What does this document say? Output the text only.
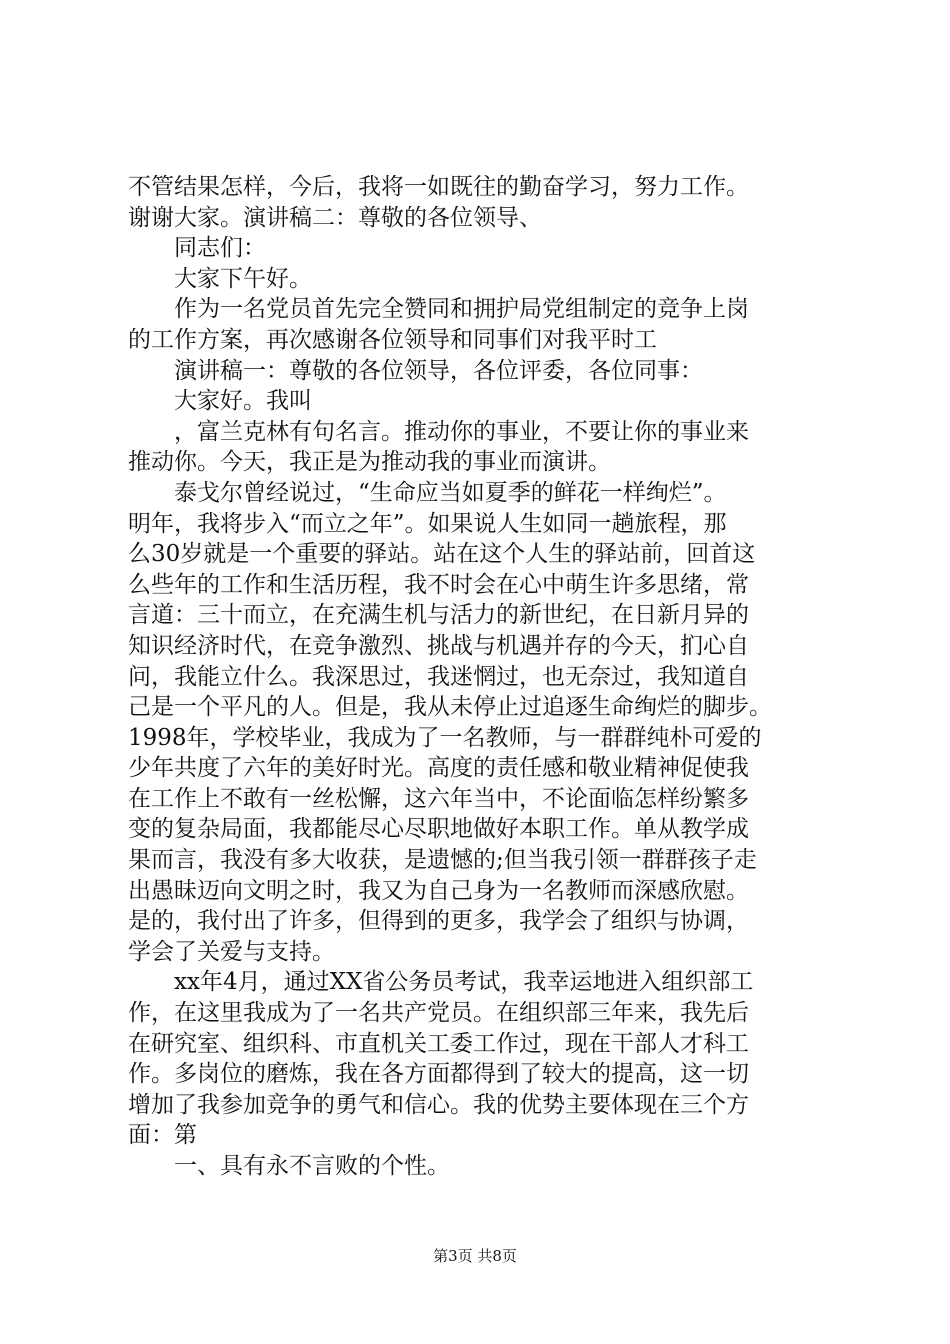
不管结果怎样，今后，我将一如既往的勤奋学习，努力工作。
谢谢大家。演讲稿二：尊敬的各位领导、
同志们：
大家下午好。
作为一名党员首先完全赞同和拥护局党组制定的竞争上岗
的工作方案，再次感谢各位领导和同事们对我平时工
演讲稿一：尊敬的各位领导，各位评委，各位同事：
大家好。我叫
，富兰克林有句名言。推动你的事业，不要让你的事业来
推动你。今天，我正是为推动我的事业而演讲。
泰戈尔曾经说过，“生命应当如夏季的鲜花一样绚烂”。
明年，我将步入“而立之年”。如果说人生如同一趟旅程，那
么30岁就是一个重要的驿站。站在这个人生的驿站前，回首这
么些年的工作和生活历程，我不时会在心中萌生许多思绪，常
言道：三十而立，在充满生机与活力的新世纪，在日新月异的
知识经济时代，在竞争激烈、挑战与机遇并存的今天，扪心自
问，我能立什么。我深思过，我迷惘过，也无奈过，我知道自
己是一个平凡的人。但是，我从未停止过追逐生命绚烂的脚步。
1998年，学校毕业，我成为了一名教师，与一群群纯朴可爱的
少年共度了六年的美好时光。高度的责任感和敬业精神促使我
在工作上不敢有一丝松懈，这六年当中，不论面临怎样纷繁多
变的复杂局面，我都能尽心尽职地做好本职工作。单从教学成
果而言，我没有多大收获，是遗憾的;但当我引领一群群孩子走
出愚昧迈向文明之时，我又为自己身为一名教师而深感欣慰。
是的，我付出了许多，但得到的更多，我学会了组织与协调，
学会了关爱与支持。
xx年4月，通过XX省公务员考试，我幸运地进入组织部工
作，在这里我成为了一名共产党员。在组织部三年来，我先后
在研究室、组织科、市直机关工委工作过，现在干部人才科工
作。多岗位的磨炼，我在各方面都得到了较大的提高，这一切
增加了我参加竞争的勇气和信心。我的优势主要体现在三个方
面：第
一、具有永不言败的个性。
第3页 共8页
